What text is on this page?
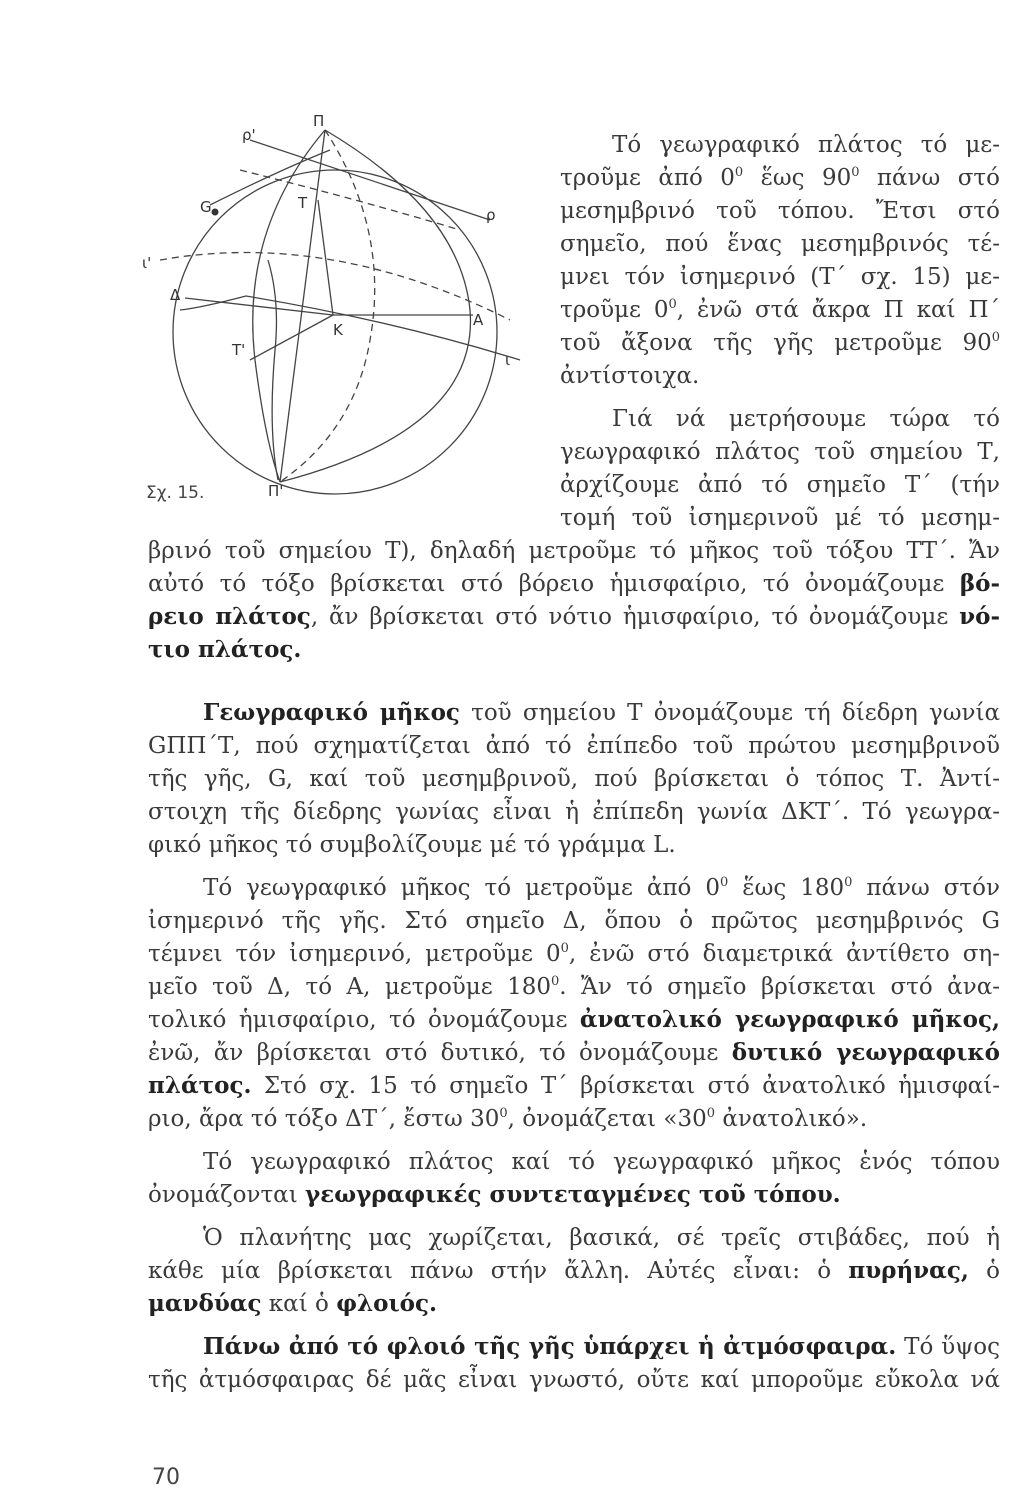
ρ'
Π
G	Τ
ρ
ι'
Δ
Κ
Α
Τ'
ι
Π'
Σχ. 15.
Τό γεωγραφικό πλάτος τό με-
τροῦμε ἀπό $0^0$ ἕως $90^0$ πάνω στό
μεσημβρινό τοῦ τόπου. Ἔτσι στό
σημεῖο, πού ἕνας μεσημβρινός τέ-
μνει τόν ἰσημερινό (Τ΄ σχ. 15) με-
τροῦμε $0^0$, ἐνῶ στά ἄκρα Π καί Π΄
τοῦ ἄξονα τῆς γῆς μετροῦμε $90^0$
ἀντίστοιχα.
Γιά νά μετρήσουμε τώρα τό
γεωγραφικό πλάτος τοῦ σημείου Τ,
ἀρχίζουμε ἀπό τό σημεῖο Τ΄ (τήν
τομή τοῦ ἰσημερινοῦ μέ τό μεσημ-
βρινό τοῦ σημείου Τ), δηλαδή μετροῦμε τό μῆκος τοῦ τόξου ΤΤ΄. Ἄν
αὐτό τό τόξο βρίσκεται στό βόρειο ἡμισφαίριο, τό ὀνομάζουμε βό-
ρειο πλάτος, ἄν βρίσκεται στό νότιο ἡμισφαίριο, τό ὀνομάζουμε νό-
τιο πλάτος.
Γεωγραφικό μῆκος τοῦ σημείου Τ ὀνομάζουμε τή δίεδρη γωνία
GΠΠ΄Τ, πού σχηματίζεται ἀπό τό ἐπίπεδο τοῦ πρώτου μεσημβρινοῦ
τῆς γῆς, G, καί τοῦ μεσημβρινοῦ, πού βρίσκεται ὁ τόπος Τ. Ἀντί-
στοιχη τῆς δίεδρης γωνίας εἶναι ἡ ἐπίπεδη γωνία ΔΚΤ΄. Τό γεωγρα-
φικό μῆκος τό συμβολίζουμε μέ τό γράμμα L.
Τό γεωγραφικό μῆκος τό μετροῦμε ἀπό $0^0$ ἕως $180^0$ πάνω στόν
ἰσημερινό τῆς γῆς. Στό σημεῖο Δ, ὅπου ὁ πρῶτος μεσημβρινός G
τέμνει τόν ἰσημερινό, μετροῦμε $0^0$, ἐνῶ στό διαμετρικά ἀντίθετο ση-
μεῖο τοῦ Δ, τό Α, μετροῦμε $180^0$. Ἄν τό σημεῖο βρίσκεται στό ἀνα-
τολικό ἡμισφαίριο, τό ὀνομάζουμε ἀνατολικό γεωγραφικό μῆκος,
ἐνῶ, ἄν βρίσκεται στό δυτικό, τό ὀνομάζουμε δυτικό γεωγραφικό
πλάτος. Στό σχ. 15 τό σημεῖο Τ΄ βρίσκεται στό ἀνατολικό ἡμισφαί-
ριο, ἄρα τό τόξο ΔΤ΄, ἔστω $30^0$, ὀνομάζεται «$30^0$ ἀνατολικό».
Τό γεωγραφικό πλάτος καί τό γεωγραφικό μῆκος ἑνός τόπου
ὀνομάζονται γεωγραφικές συντεταγμένες τοῦ τόπου.
Ὁ πλανήτης μας χωρίζεται, βασικά, σέ τρεῖς στιβάδες, πού ἡ
κάθε μία βρίσκεται πάνω στήν ἄλλη. Αὐτές εἶναι: ὁ πυρήνας, ὁ
μανδύας καί ὁ φλοιός.
Πάνω ἀπό τό φλοιό τῆς γῆς ὑπάρχει ἡ ἀτμόσφαιρα. Τό ὕψος
τῆς ἀτμόσφαιρας δέ μᾶς εἶναι γνωστό, οὔτε καί μποροῦμε εὔκολα νά
70
